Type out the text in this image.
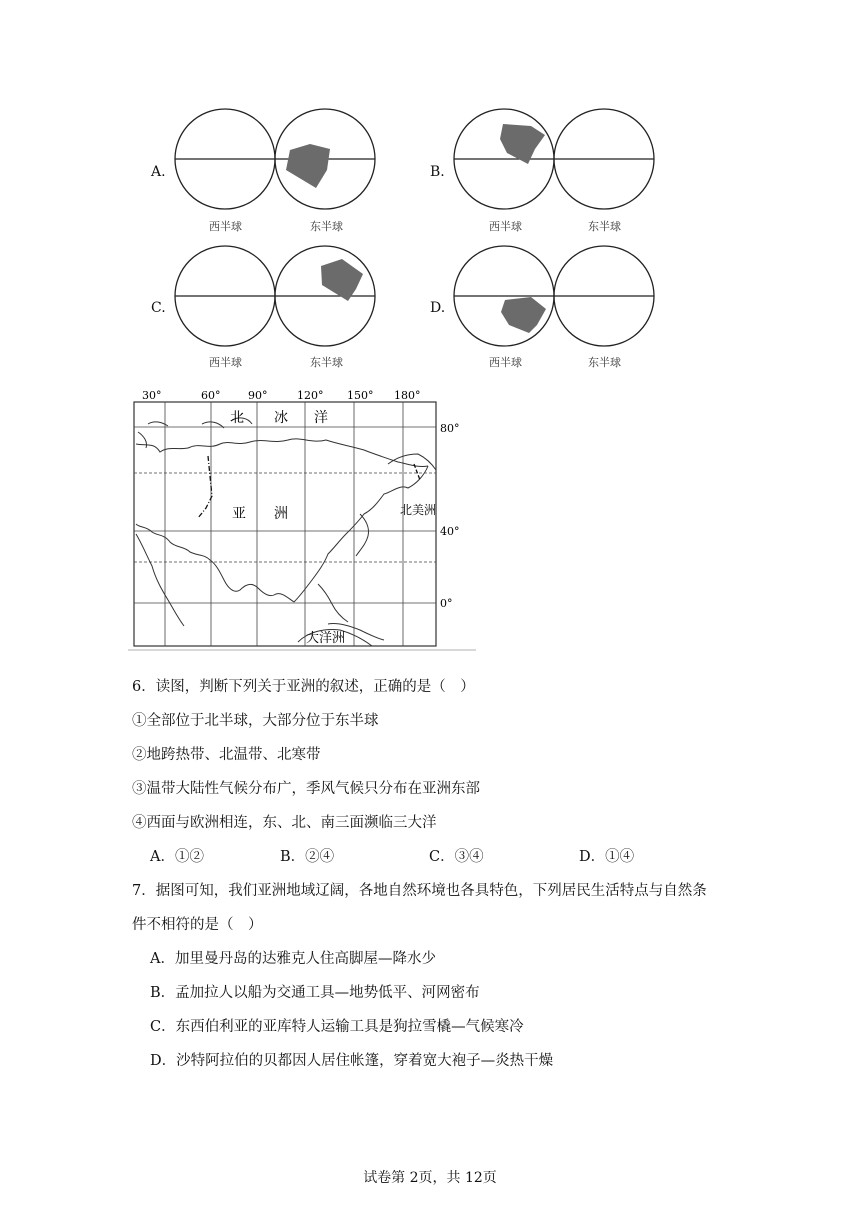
A.
西半球	东半球
B.
西半球	东半球
C.
西半球	东半球
D.
西半球	东半球
30°	60°	90°	120° 150° 180°
80°
40°
0°
北 冰 洋
亚 洲	北美洲
大洋洲
6．读图，判断下列关于亚洲的叙述，正确的是（　）
①全部位于北半球，大部分位于东半球
②地跨热带、北温带、北寒带
③温带大陆性气候分布广，季风气候只分布在亚洲东部
④西面与欧洲相连，东、北、南三面濒临三大洋
A．①②	B．②④	C．③④	D．①④
7．据图可知，我们亚洲地域辽阔，各地自然环境也各具特色，下列居民生活特点与自然条
件不相符的是（　）
A．加里曼丹岛的达雅克人住高脚屋—降水少
B．孟加拉人以船为交通工具—地势低平、河网密布
C．东西伯利亚的亚库特人运输工具是狗拉雪橇—气候寒冷
D．沙特阿拉伯的贝都因人居住帐篷，穿着宽大袍子—炎热干燥
试卷第 2页，共 12页
